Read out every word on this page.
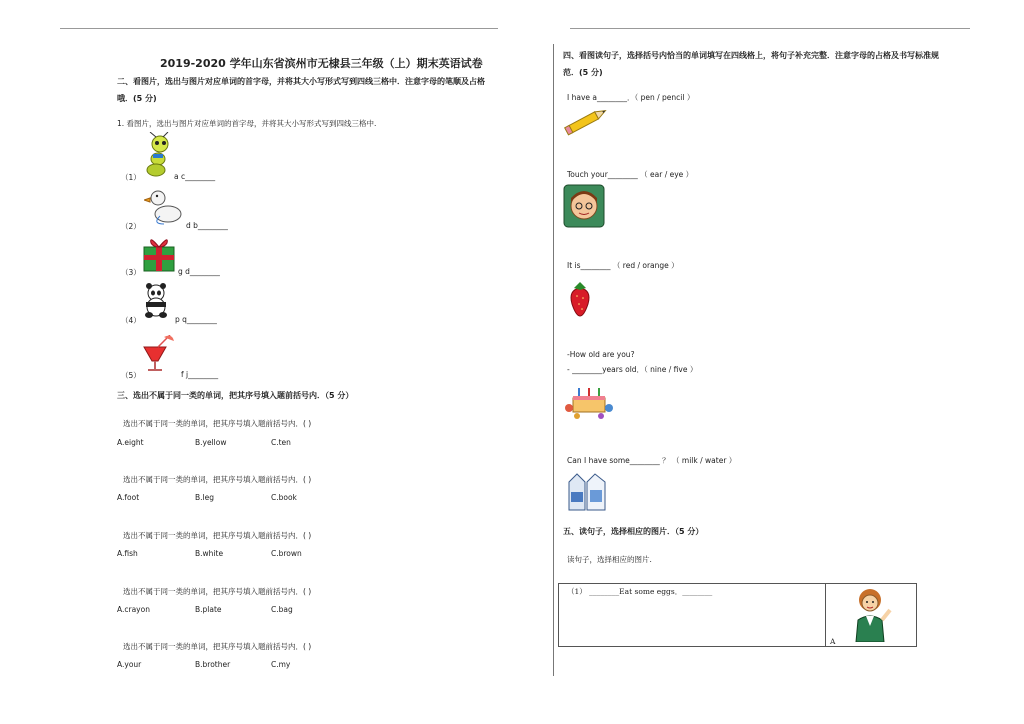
2019-2020 学年山东省滨州市无棣县三年级（上）期末英语试卷
二、看图片，选出与图片对应单词的首字母，并将其大小写形式写到四线三格中．注意字母的笔顺及占格
哦．(5 分)
1. 看图片，选出与图片对应单词的首字母，并将其大小写形式写到四线三格中.
（1）	a c________
（2）	d b________
（3）	g d________
（4）	p q________
（5）	f j________
三、选出不属于同一类的单词，把其序号填入题前括号内．（5 分）
选出不属于同一类的单词，把其序号填入题前括号内．( )
A.eight	B.yellow	C.ten
选出不属于同一类的单词，把其序号填入题前括号内．( )
A.foot	B.leg	C.book
选出不属于同一类的单词，把其序号填入题前括号内．( )
A.fish	B.white	C.brown
选出不属于同一类的单词，把其序号填入题前括号内．( )
A.crayon	B.plate	C.bag
选出不属于同一类的单词，把其序号填入题前括号内．( )
A.your	B.brother	C.my
四、看图读句子，选择括号内恰当的单词填写在四线格上，将句子补充完整．注意字母的占格及书写标准规
范．(5 分)
I have a________．（ pen / pencil ）
Touch your________ （ ear / eye ）
It is________ （ red / orange ）
-How old are you?
- ________years old．（ nine / five ）
Can I have some________ ？ （ milk / water ）
五、读句子，选择相应的图片．（5 分）
读句子，选择相应的图片.
（1） ________Eat some eggs．________	A
